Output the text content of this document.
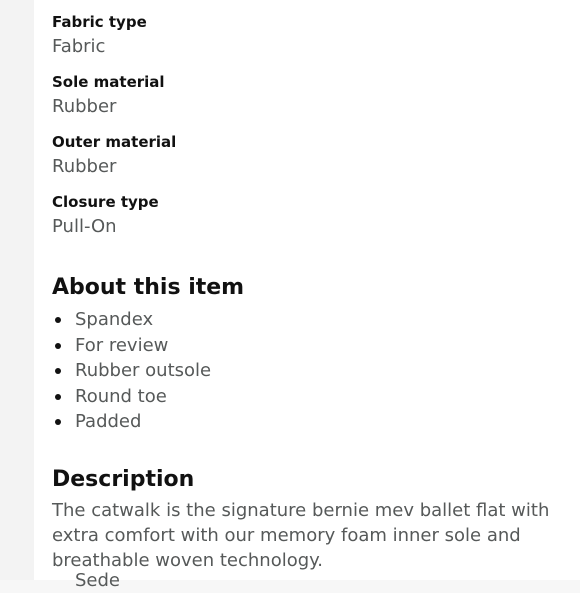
Fabric type
Fabric
Sole material
Rubber
Outer material
Rubber
Closure type
Pull-On
About this item
Spandex
For review
Rubber outsole
Round toe
Padded
Description
The catwalk is the signature bernie mev ballet flat with extra comfort with our memory foam inner sole and breathable woven technology.
Sede
